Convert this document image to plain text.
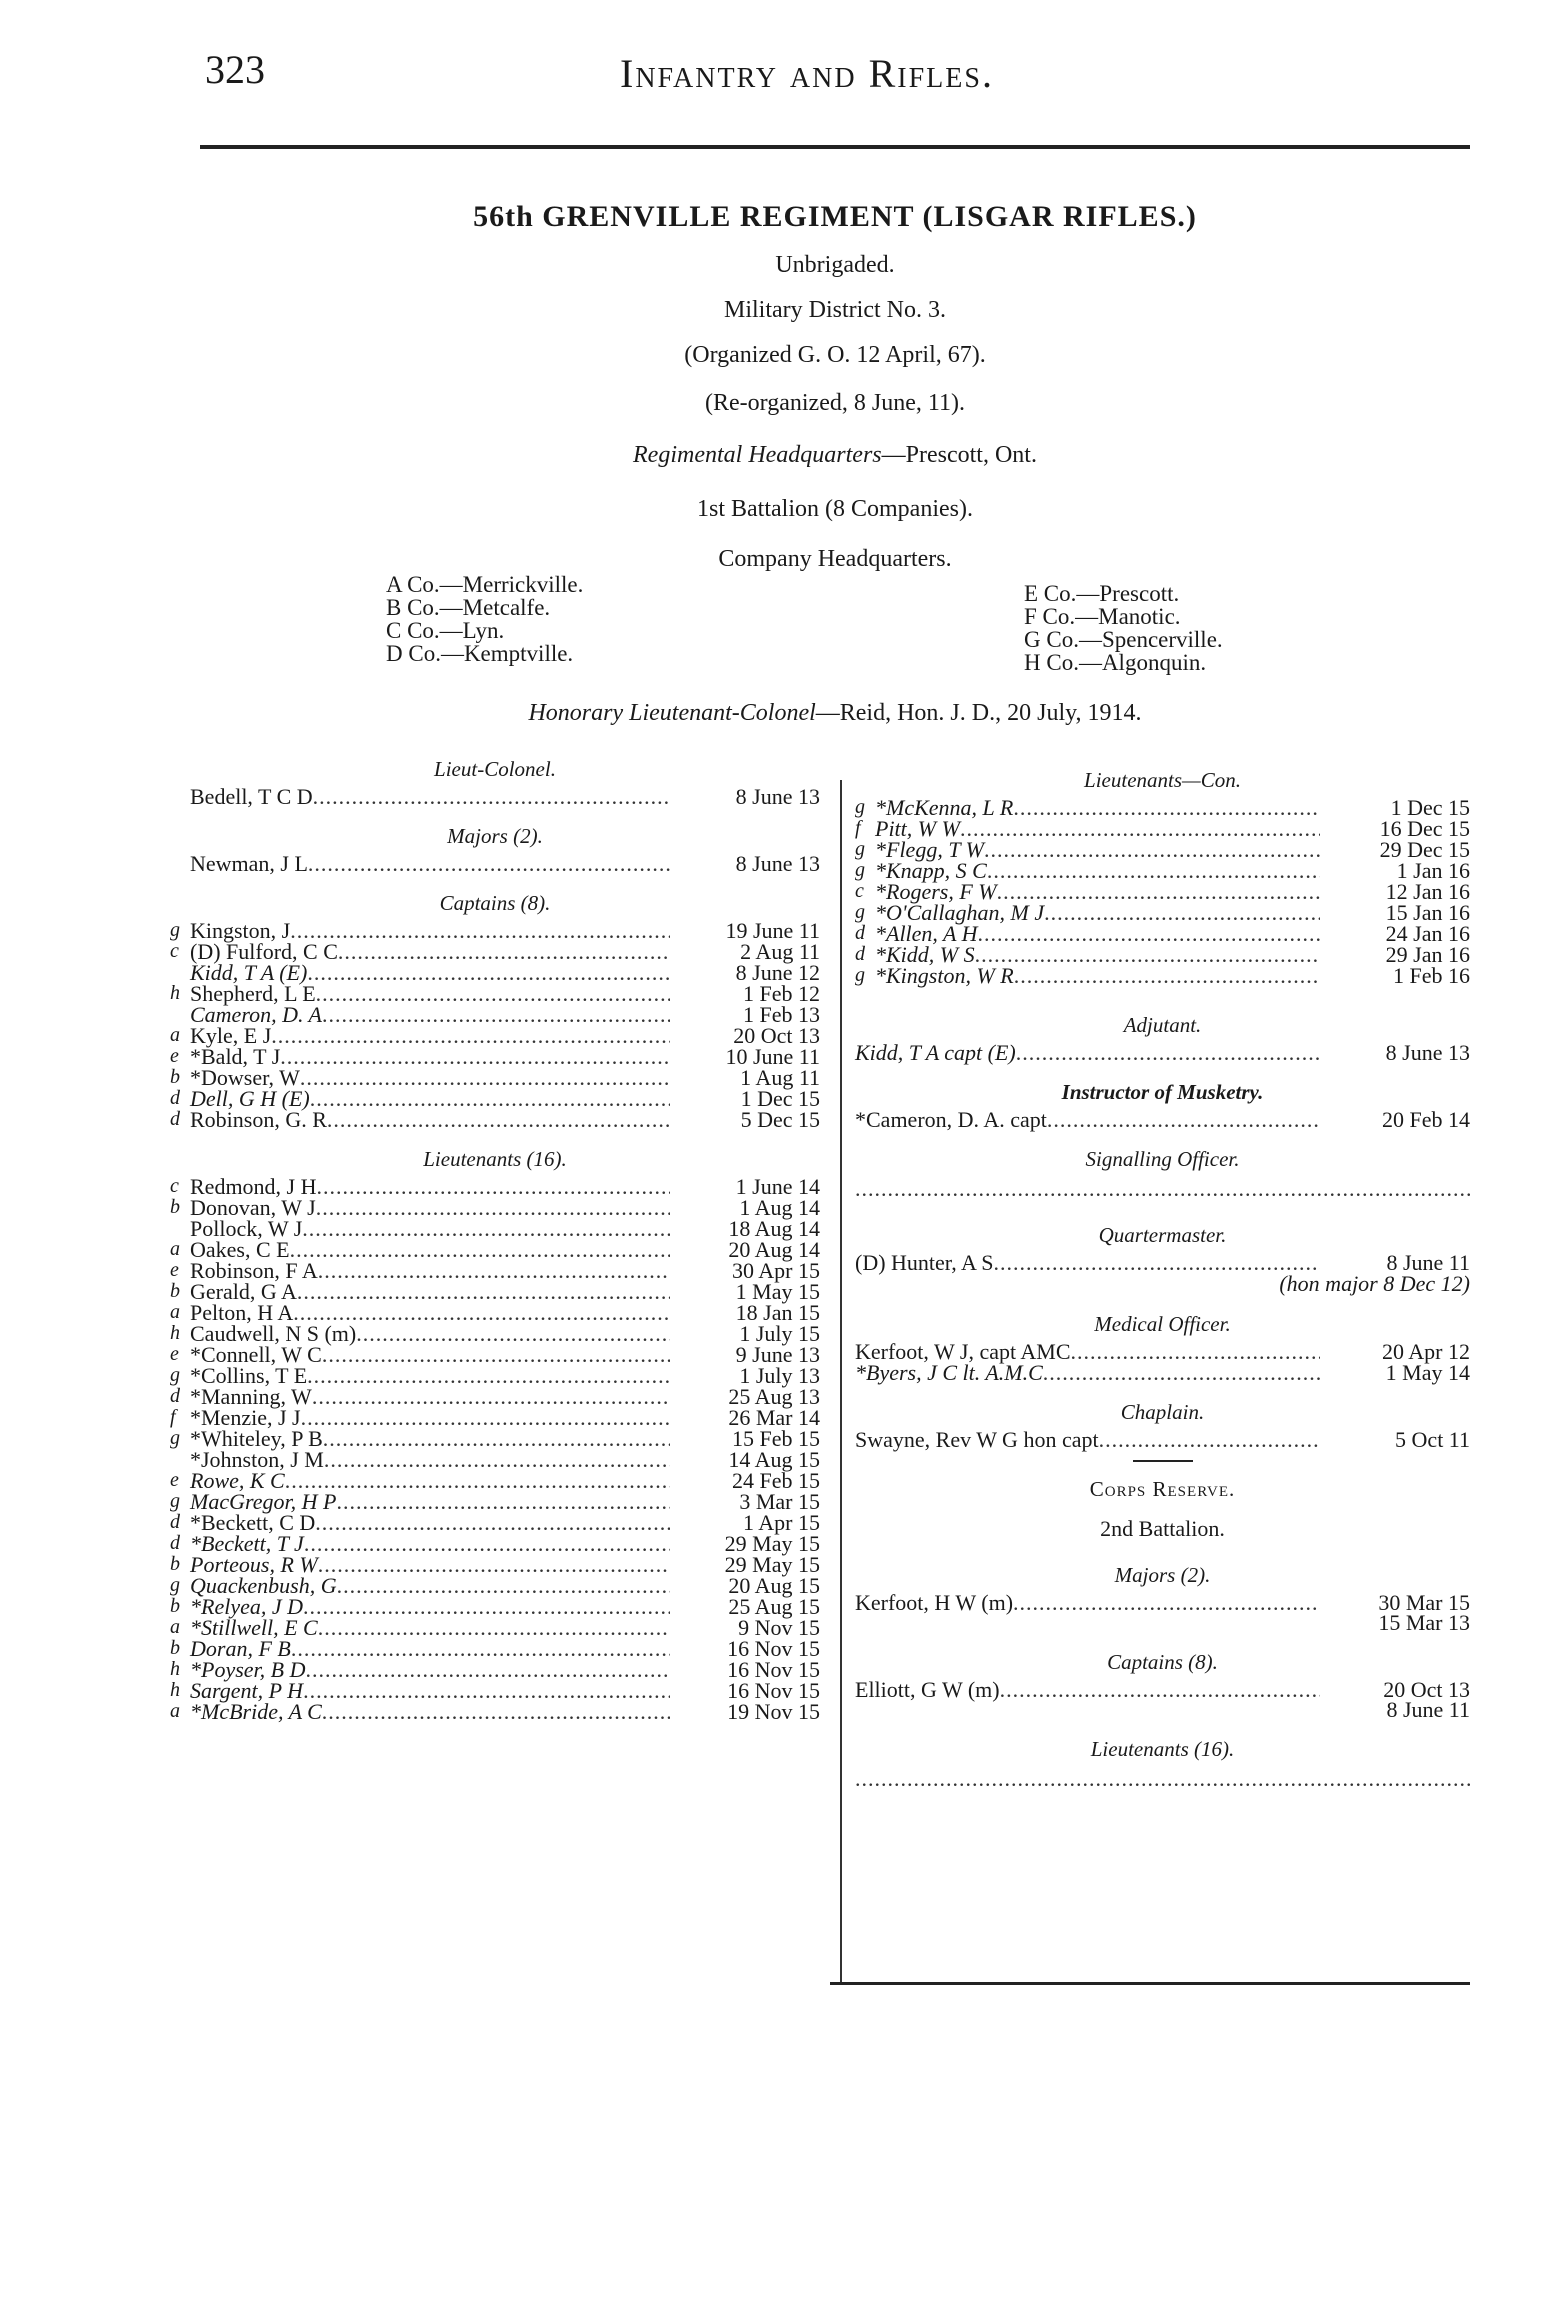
323	Infantry and Rifles.
56th GRENVILLE REGIMENT (LISGAR RIFLES.)
Unbrigaded.
Military District No. 3.
(Organized G. O. 12 April, 67).
(Re-organized, 8 June, 11).
Regimental Headquarters—Prescott, Ont.
1st Battalion (8 Companies).
Company Headquarters.
A Co.—Merrickville.
B Co.—Metcalfe.
C Co.—Lyn.
D Co.—Kemptville.
E Co.—Prescott.
F Co.—Manotic.
G Co.—Spencerville.
H Co.—Algonquin.
Honorary Lieutenant-Colonel—Reid, Hon. J. D., 20 July, 1914.
Lieut-Colonel.
Bedell, T C D .....	8 June 13
Majors (2).
Newman, J L .....	8 June 13
Captains (8).
g Kingston, J .....	19 June 11
c (D) Fulford, C C .....	2 Aug 11
Kidd, T A (E) .....	8 June 12
h Shepherd, L E .....	1 Feb 12
Cameron, D. A .....	1 Feb 13
a Kyle, E J .....	20 Oct 13
e *Bald, T J .....	10 June 11
b *Dowser, W .....	1 Aug 11
d Dell, G H (E) .....	1 Dec 15
d Robinson, G. R .....	5 Dec 15
Lieutenants (16).
c Redmond, J H .....	1 June 14
b Donovan, W J .....	1 Aug 14
Pollock, W J .....	18 Aug 14
a Oakes, C E .....	20 Aug 14
e Robinson, F A .....	30 Apr 15
b Gerald, G A .....	1 May 15
a Pelton, H A .....	18 Jan 15
h Caudwell, N S (m) .....	1 July 15
e *Connell, W C .....	9 June 13
g *Collins, T E .....	1 July 13
d *Manning, W .....	25 Aug 13
f *Menzie, J J .....	26 Mar 14
g *Whiteley, P B .....	15 Feb 15
*Johnston, J M .....	14 Aug 15
e Rowe, K C .....	24 Feb 15
g MacGregor, H P .....	3 Mar 15
d *Beckett, C D .....	1 Apr 15
d *Beckett, T J .....	29 May 15
b Porteous, R W .....	29 May 15
g Quackenbush, G .....	20 Aug 15
b *Relyea, J D .....	25 Aug 15
a *Stillwell, E C .....	9 Nov 15
b Doran, F B .....	16 Nov 15
h *Poyser, B D .....	16 Nov 15
h Sargent, P H .....	16 Nov 15
a *McBride, A C .....	19 Nov 15
Lieutenants—Con.
g *McKenna, L R .....	1 Dec 15
f Pitt, W W .....	16 Dec 15
g *Flegg, T W .....	29 Dec 15
g *Knapp, S C .....	1 Jan 16
c *Rogers, F W .....	12 Jan 16
g *O'Callaghan, M J .....	15 Jan 16
d *Allen, A H .....	24 Jan 16
d *Kidd, W S .....	29 Jan 16
g *Kingston, W R .....	1 Feb 16
Adjutant.
Kidd, T A capt (E) .....	8 June 13
Instructor of Musketry.
*Cameron, D. A. capt .....	20 Feb 14
Signalling Officer.
.....
Quartermaster.
(D) Hunter, A S .....	8 June 11
(hon major 8 Dec 12)
Medical Officer.
Kerfoot, W J, capt AMC .....	20 Apr 12
*Byers, J C lt. A.M.C .....	1 May 14
Chaplain.
Swayne, Rev W G hon capt .....	5 Oct 11
Corps Reserve.
2nd Battalion.
Majors (2).
Kerfoot, H W (m) .....	30 Mar 15
15 Mar 13
Captains (8).
Elliott, G W (m) .....	20 Oct 13
8 June 11
Lieutenants (16).
.....
